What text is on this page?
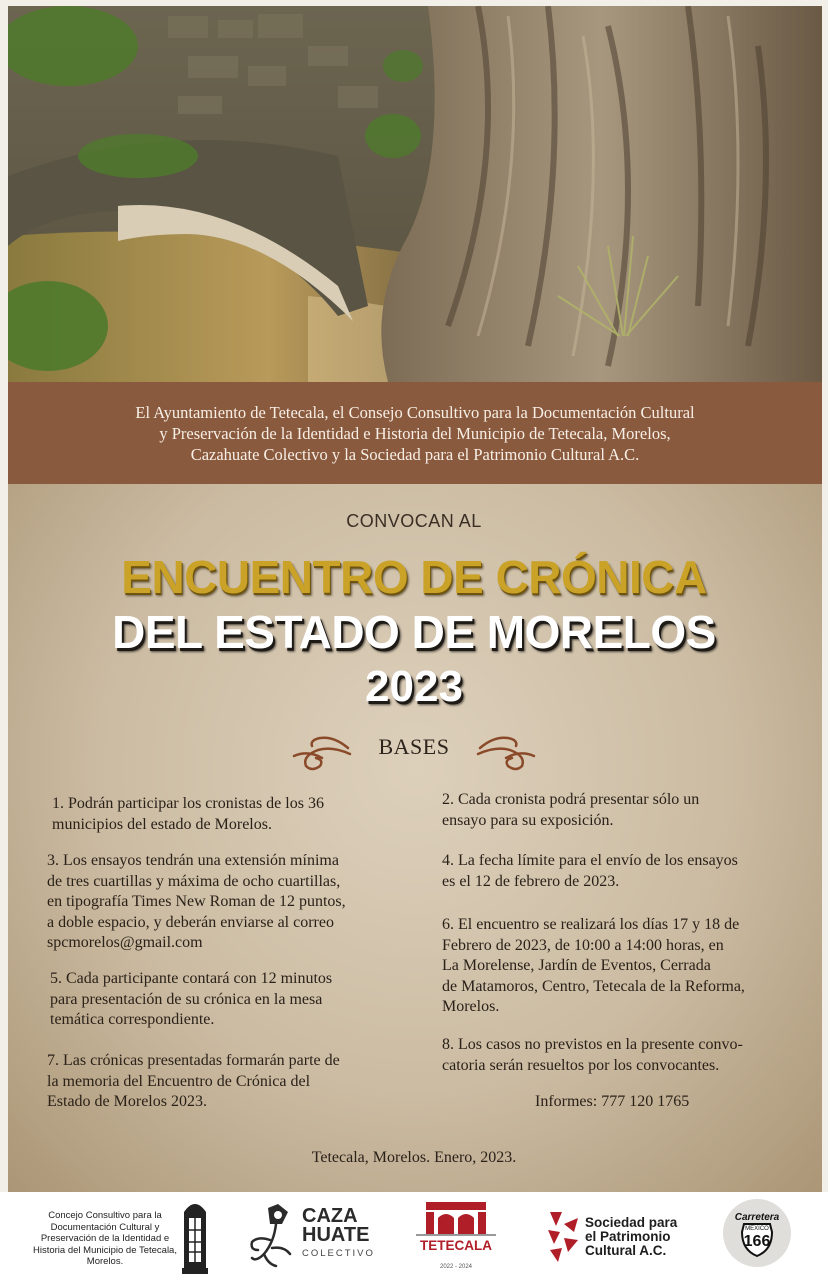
El Ayuntamiento de Tetecala, el Consejo Consultivo para la Documentación Cultural
y Preservación de la Identidad e Historia del Municipio de Tetecala, Morelos,
Cazahuate Colectivo y la Sociedad para el Patrimonio Cultural A.C.
CONVOCAN AL
ENCUENTRO DE CRÓNICA
DEL ESTADO DE MORELOS
2023
BASES
1. Podrán participar los cronistas de los 36
municipios del estado de Morelos.
3. Los ensayos tendrán una extensión mínima
de tres cuartillas y máxima de ocho cuartillas,
en tipografía Times New Roman de 12 puntos,
a doble espacio, y deberán enviarse al correo
spcmorelos@gmail.com
5. Cada participante contará con 12 minutos
para presentación de su crónica en la mesa
temática correspondiente.
7. Las crónicas presentadas formarán parte de
la memoria del Encuentro de Crónica del
Estado de Morelos 2023.
2. Cada cronista podrá presentar sólo un
ensayo para su exposición.
4. La fecha límite para el envío de los ensayos
es el 12 de febrero de 2023.
6. El encuentro se realizará los días 17 y 18 de
Febrero de 2023, de 10:00 a 14:00 horas, en
La Morelense, Jardín de Eventos, Cerrada
de Matamoros, Centro, Tetecala de la Reforma,
Morelos.
8. Los casos no previstos en la presente convo-
catoria serán resueltos por los convocantes.
Informes: 777 120 1765
Tetecala, Morelos. Enero, 2023.
Concejo Consultivo para la Documentación Cultural y Preservación de la Identidad e Historia del Municipio de Tetecala, Morelos.
CAZA
HUATE
COLECTIVO
TETECALA
2022 - 2024
Sociedad para
el Patrimonio
Cultural A.C.
Carretera
MEXICO
166
